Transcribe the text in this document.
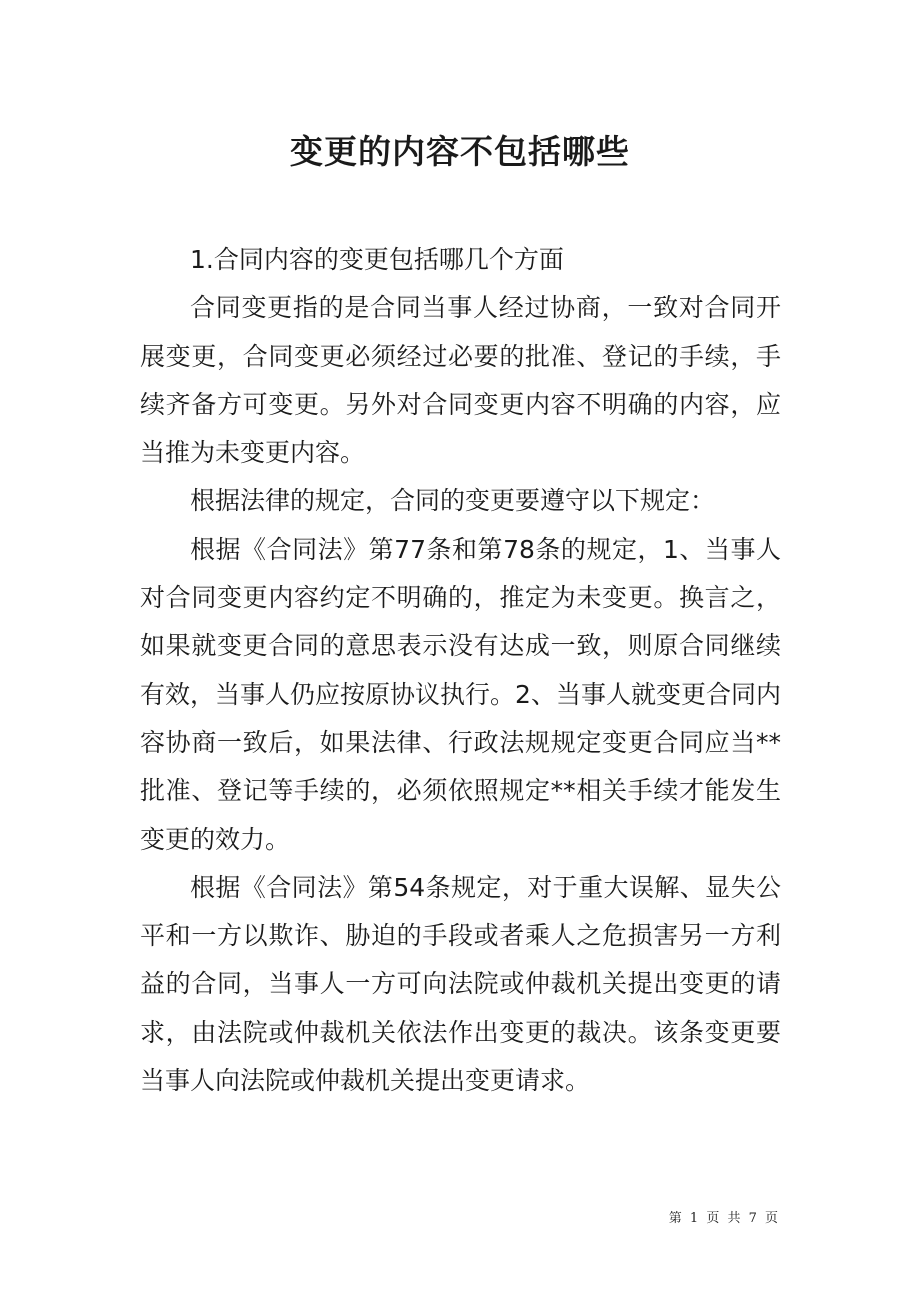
变更的内容不包括哪些

1.合同内容的变更包括哪几个方面

合同变更指的是合同当事人经过协商，一致对合同开展变更，合同变更必须经过必要的批准、登记的手续，手续齐备方可变更。另外对合同变更内容不明确的内容，应当推为未变更内容。

根据法律的规定，合同的变更要遵守以下规定：

根据《合同法》第77条和第78条的规定，1、当事人对合同变更内容约定不明确的，推定为未变更。换言之，如果就变更合同的意思表示没有达成一致，则原合同继续有效，当事人仍应按原协议执行。2、当事人就变更合同内容协商一致后，如果法律、行政法规规定变更合同应当**批准、登记等手续的，必须依照规定**相关手续才能发生变更的效力。

根据《合同法》第54条规定，对于重大误解、显失公平和一方以欺诈、胁迫的手段或者乘人之危损害另一方利益的合同，当事人一方可向法院或仲裁机关提出变更的请求，由法院或仲裁机关依法作出变更的裁决。该条变更要当事人向法院或仲裁机关提出变更请求。

第 1 页 共 7 页
